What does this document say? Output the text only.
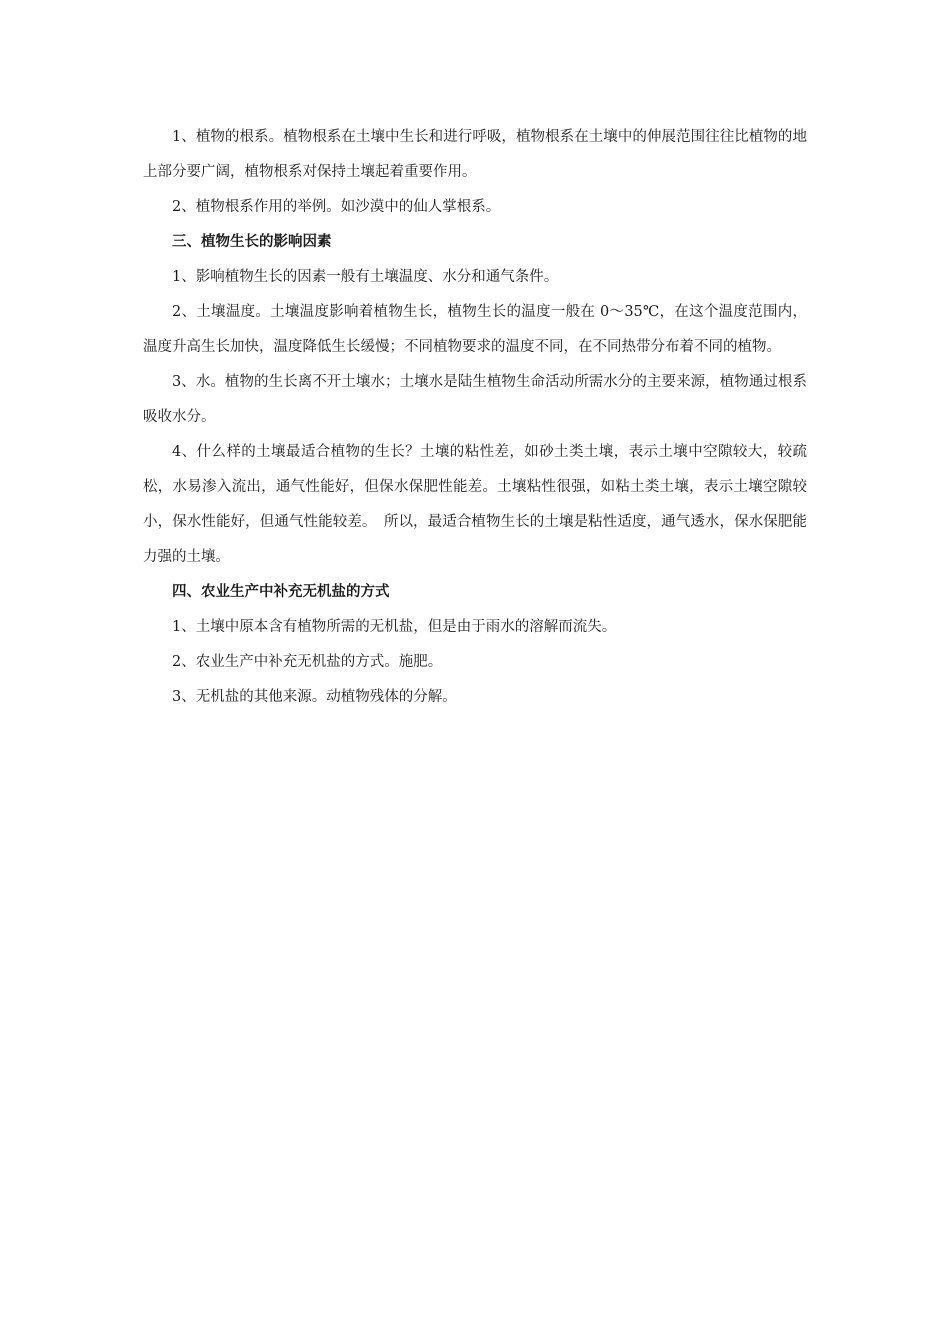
1、植物的根系。植物根系在土壤中生长和进行呼吸，植物根系在土壤中的伸展范围往往比植物的地上部分要广阔，植物根系对保持土壤起着重要作用。

2、植物根系作用的举例。如沙漠中的仙人掌根系。

三、植物生长的影响因素

1、影响植物生长的因素一般有土壤温度、水分和通气条件。

2、土壤温度。土壤温度影响着植物生长，植物生长的温度一般在 0～35℃，在这个温度范围内，温度升高生长加快，温度降低生长缓慢；不同植物要求的温度不同，在不同热带分布着不同的植物。

3、水。植物的生长离不开土壤水；土壤水是陆生植物生命活动所需水分的主要来源，植物通过根系吸收水分。

4、什么样的土壤最适合植物的生长？土壤的粘性差，如砂土类土壤，表示土壤中空隙较大，较疏松，水易渗入流出，通气性能好，但保水保肥性能差。土壤粘性很强，如粘土类土壤，表示土壤空隙较小，保水性能好，但通气性能较差。　所以，最适合植物生长的土壤是粘性适度，通气透水，保水保肥能力强的土壤。

四、农业生产中补充无机盐的方式

1、土壤中原本含有植物所需的无机盐，但是由于雨水的溶解而流失。

2、农业生产中补充无机盐的方式。施肥。

3、无机盐的其他来源。动植物残体的分解。
